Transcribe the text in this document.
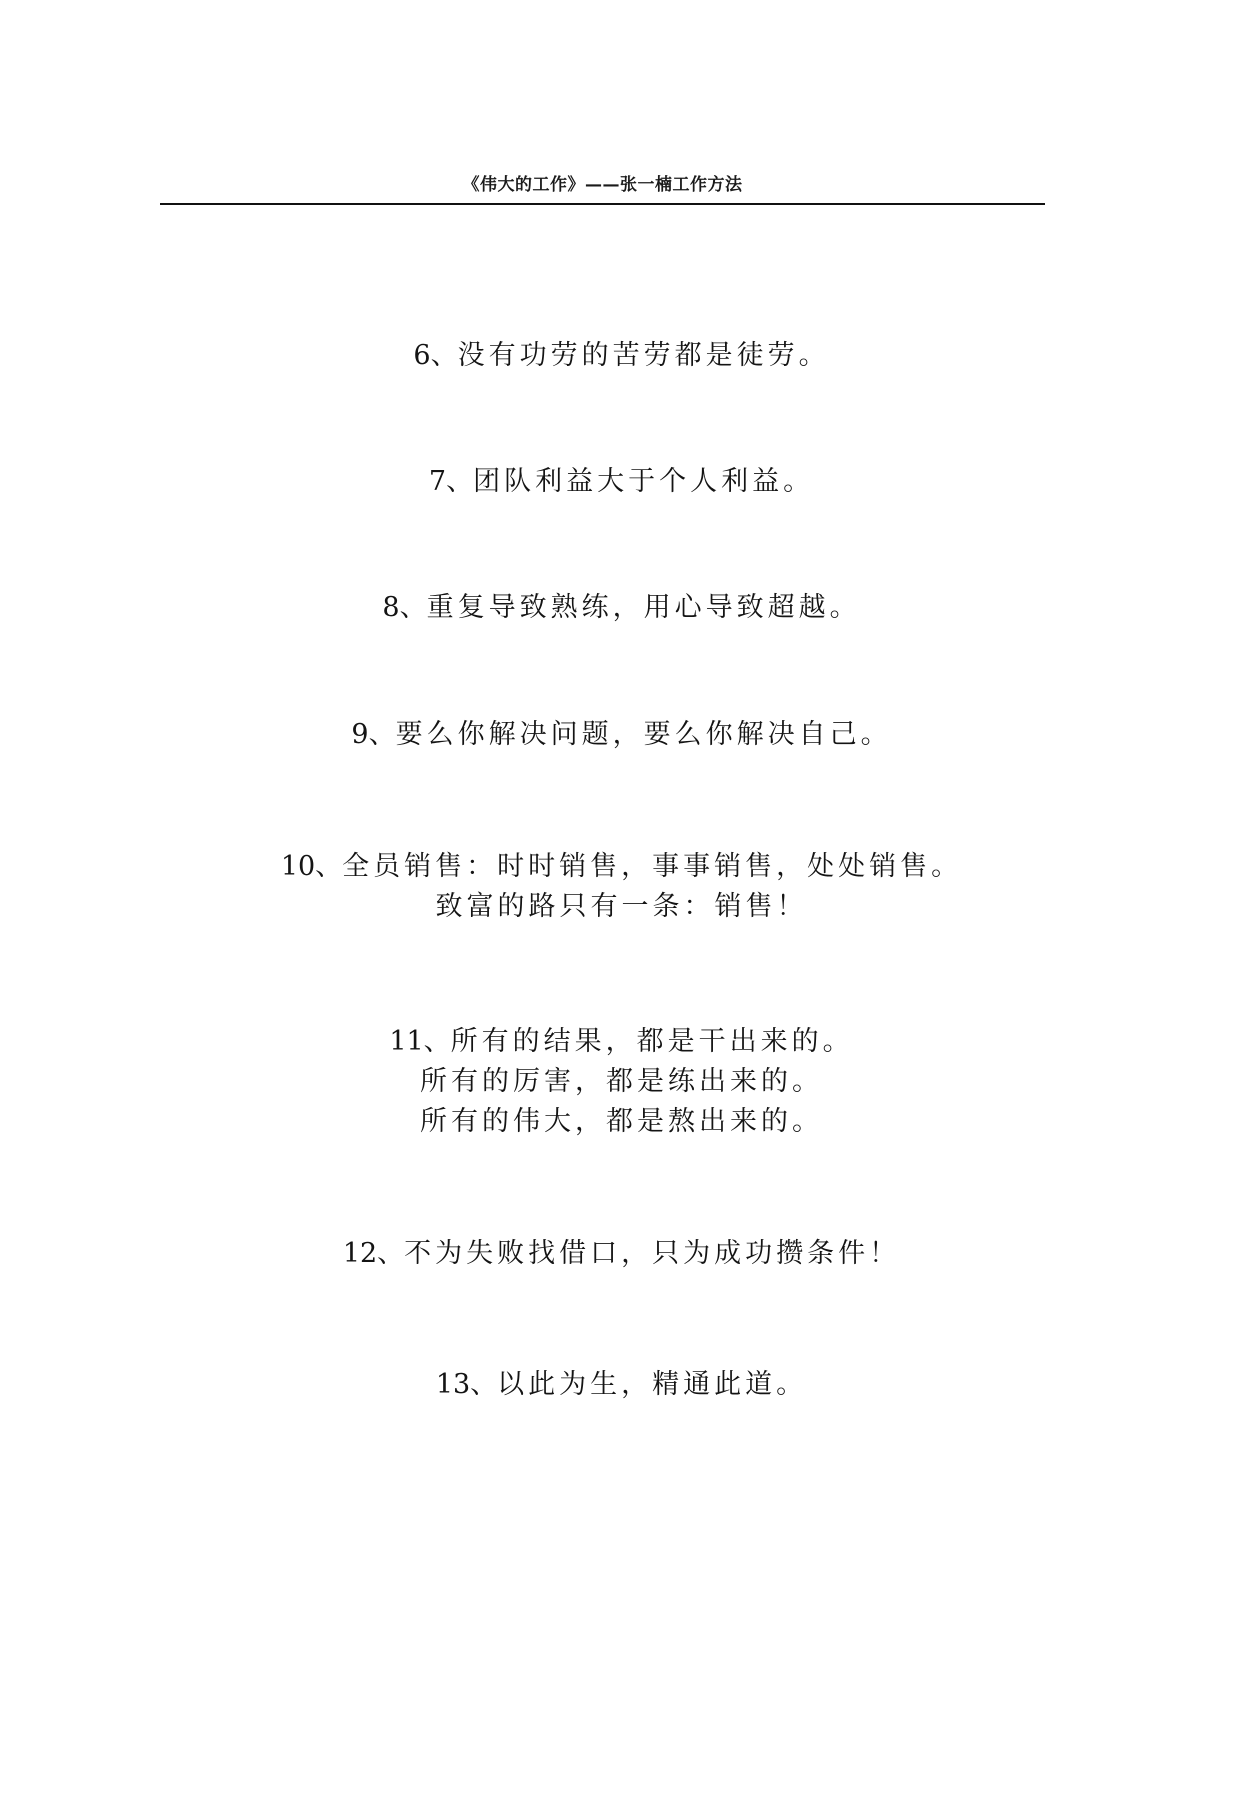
《伟大的工作》——张一楠工作方法
6、没有功劳的苦劳都是徒劳。
7、团队利益大于个人利益。
8、重复导致熟练，用心导致超越。
9、要么你解决问题，要么你解决自己。
10、全员销售：时时销售，事事销售，处处销售。
致富的路只有一条：销售！
11、所有的结果，都是干出来的。
所有的厉害，都是练出来的。
所有的伟大，都是熬出来的。
12、不为失败找借口，只为成功攒条件！
13、以此为生，精通此道。
